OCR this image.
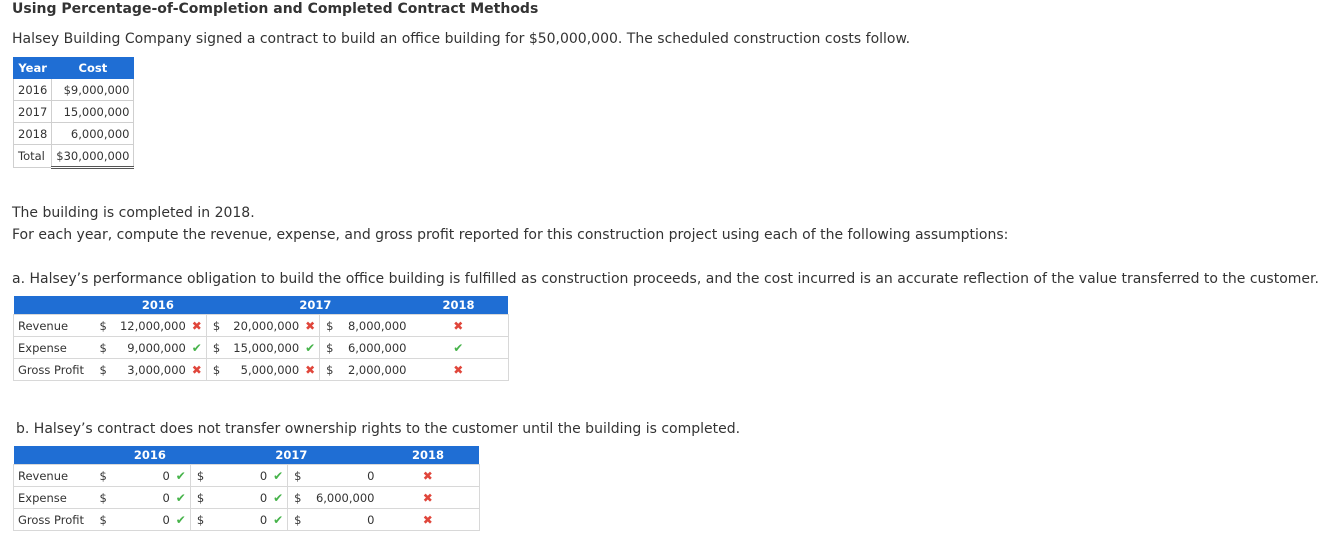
Using Percentage-of-Completion and Completed Contract Methods
Halsey Building Company signed a contract to build an office building for $50,000,000. The scheduled construction costs follow.
Year	Cost
2016	$9,000,000
2017	15,000,000
2018	6,000,000
Total	$30,000,000
The building is completed in 2018.
For each year, compute the revenue, expense, and gross profit reported for this construction project using each of the following assumptions:
a. Halsey’s performance obligation to build the office building is fulfilled as construction proceeds, and the cost incurred is an accurate reflection of the value transferred to the customer.
	2016				2017				2018
Revenue	$	12,000,000	✖	$	20,000,000	✖	$	8,000,000	✖
Expense	$	9,000,000	✔	$	15,000,000	✔	$	6,000,000	✔
Gross Profit	$	3,000,000	✖	$	5,000,000	✖	$	2,000,000	✖
b. Halsey’s contract does not transfer ownership rights to the customer until the building is completed.
	2016				2017				2018
Revenue	$	0	✔	$	0	✔	$	0	✖
Expense	$	0	✔	$	0	✔	$	6,000,000	✖
Gross Profit	$	0	✔	$	0	✔	$	0	✖
